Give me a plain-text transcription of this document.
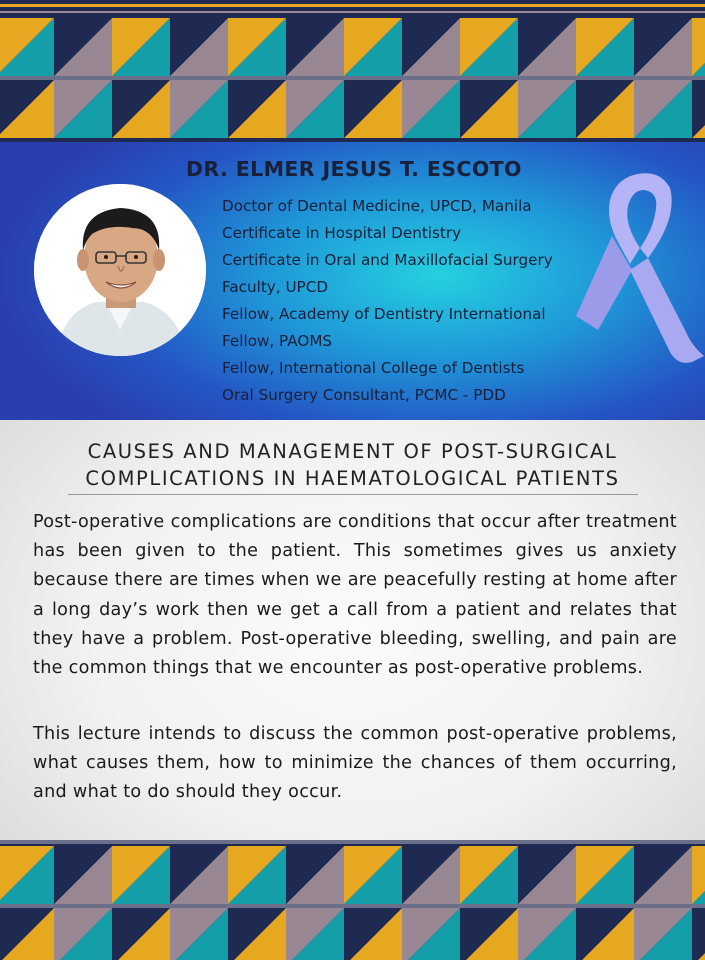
DR. ELMER JESUS T. ESCOTO
Doctor of Dental Medicine, UPCD, Manila
Certificate in Hospital Dentistry
Certificate in Oral and Maxillofacial Surgery
Faculty, UPCD
Fellow, Academy of Dentistry International
Fellow, PAOMS
Fellow, International College of Dentists
Oral Surgery Consultant, PCMC - PDD
CAUSES AND MANAGEMENT OF POST-SURGICAL
COMPLICATIONS IN HAEMATOLOGICAL PATIENTS

Post-operative complications are conditions that occur after treatment has been given to the patient. This sometimes gives us anxiety because there are times when we are peacefully resting at home after a long day’s work then we get a call from a patient and relates that they have a problem. Post-operative bleeding, swelling, and pain are the common things that we encounter as post-operative problems.

This lecture intends to discuss the common post-operative problems, what causes them, how to minimize the chances of them occurring, and what to do should they occur.
